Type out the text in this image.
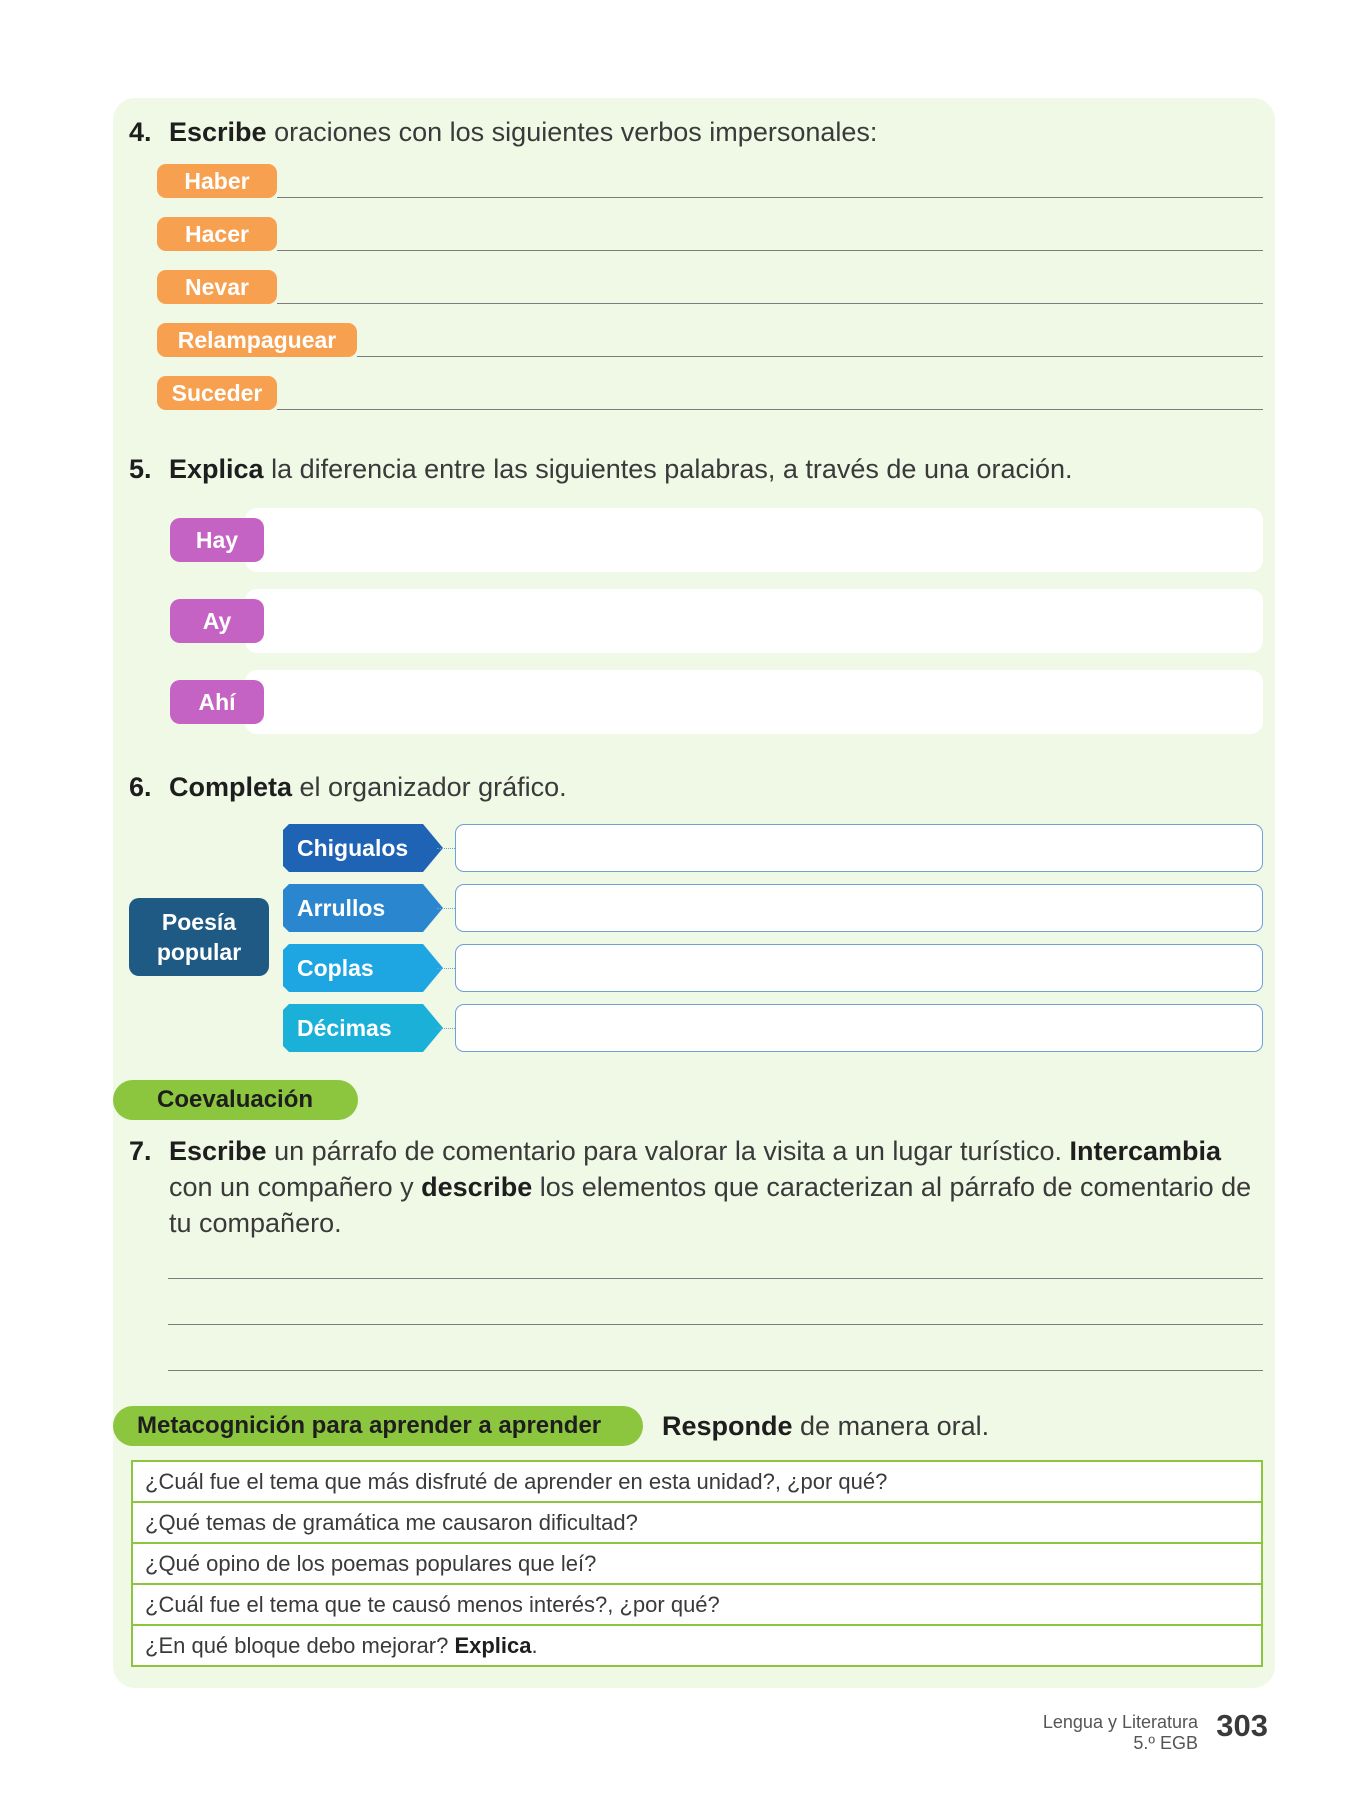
4. Escribe oraciones con los siguientes verbos impersonales:
Haber
Hacer
Nevar
Relampaguear
Suceder
5. Explica la diferencia entre las siguientes palabras, a través de una oración.
Hay
Ay
Ahí
6. Completa el organizador gráfico.
Poesía
popular
Chigualos
Arrullos
Coplas
Décimas
Coevaluación
7. Escribe un párrafo de comentario para valorar la visita a un lugar turístico. Intercambia con un compañero y describe los elementos que caracterizan al párrafo de comentario de tu compañero.
Metacognición para aprender a aprender	Responde de manera oral.
¿Cuál fue el tema que más disfruté de aprender en esta unidad?, ¿por qué?
¿Qué temas de gramática me causaron dificultad?
¿Qué opino de los poemas populares que leí?
¿Cuál fue el tema que te causó menos interés?, ¿por qué?
¿En qué bloque debo mejorar? Explica.
Lengua y Literatura
5.º EGB 303
